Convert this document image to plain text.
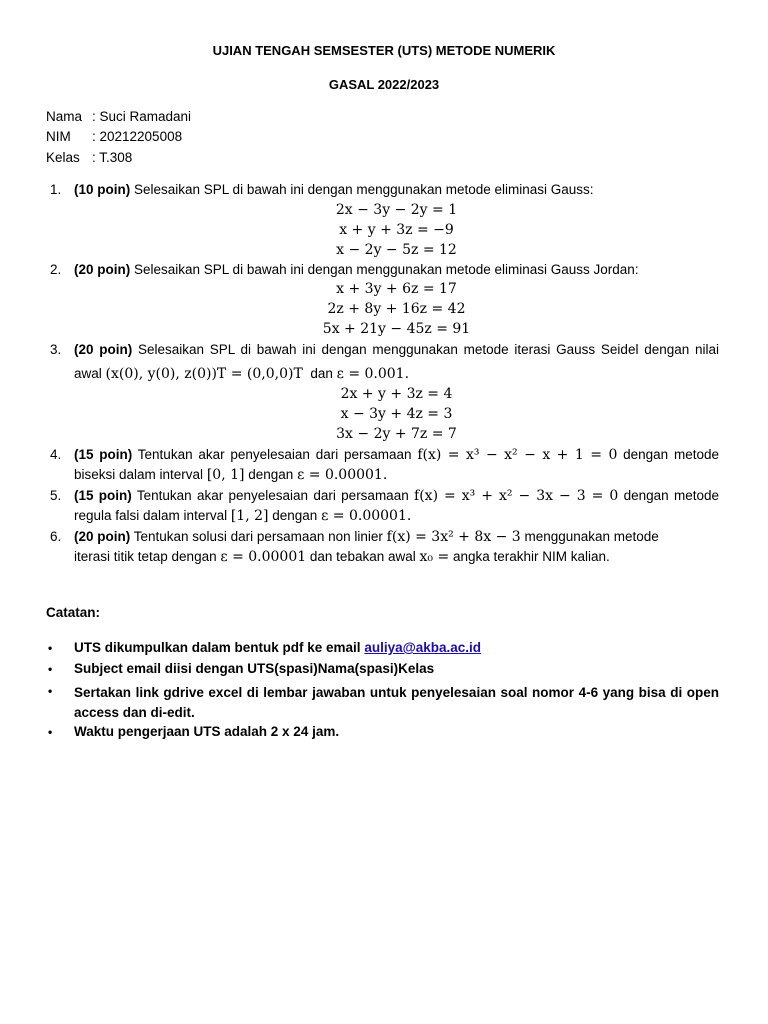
UJIAN TENGAH SEMSESTER (UTS) METODE NUMERIK
GASAL 2022/2023
Nama : Suci Ramadani
NIM : 20212205008
Kelas : T.308
1. (10 poin) Selesaikan SPL di bawah ini dengan menggunakan metode eliminasi Gauss:
2x − 3y − 2y = 1
x + y + 3z = −9
x − 2y − 5z = 12
2. (20 poin) Selesaikan SPL di bawah ini dengan menggunakan metode eliminasi Gauss Jordan:
x + 3y + 6z = 17
2z + 8y + 16z = 42
5x + 21y − 45z = 91
3. (20 poin) Selesaikan SPL di bawah ini dengan menggunakan metode iterasi Gauss Seidel dengan nilai
awal (x(0), y(0), z(0))T = (0,0,0)T dan ε = 0.001.
2x + y + 3z = 4
x − 3y + 4z = 3
3x − 2y + 7z = 7
4. (15 poin) Tentukan akar penyelesaian dari persamaan f(x) = x³ − x² − x + 1 = 0 dengan metode
biseksi dalam interval [0, 1] dengan ε = 0.00001.
5. (15 poin) Tentukan akar penyelesaian dari persamaan f(x) = x³ + x² − 3x − 3 = 0 dengan metode
regula falsi dalam interval [1, 2] dengan ε = 0.00001.
6. (20 poin) Tentukan solusi dari persamaan non linier f(x) = 3x² + 8x − 3 menggunakan metode
iterasi titik tetap dengan ε = 0.00001 dan tebakan awal x₀ = angka terakhir NIM kalian.
Catatan:
• UTS dikumpulkan dalam bentuk pdf ke email auliya@akba.ac.id
• Subject email diisi dengan UTS(spasi)Nama(spasi)Kelas
• Sertakan link gdrive excel di lembar jawaban untuk penyelesaian soal nomor 4-6 yang bisa di open access dan di-edit.
• Waktu pengerjaan UTS adalah 2 x 24 jam.
